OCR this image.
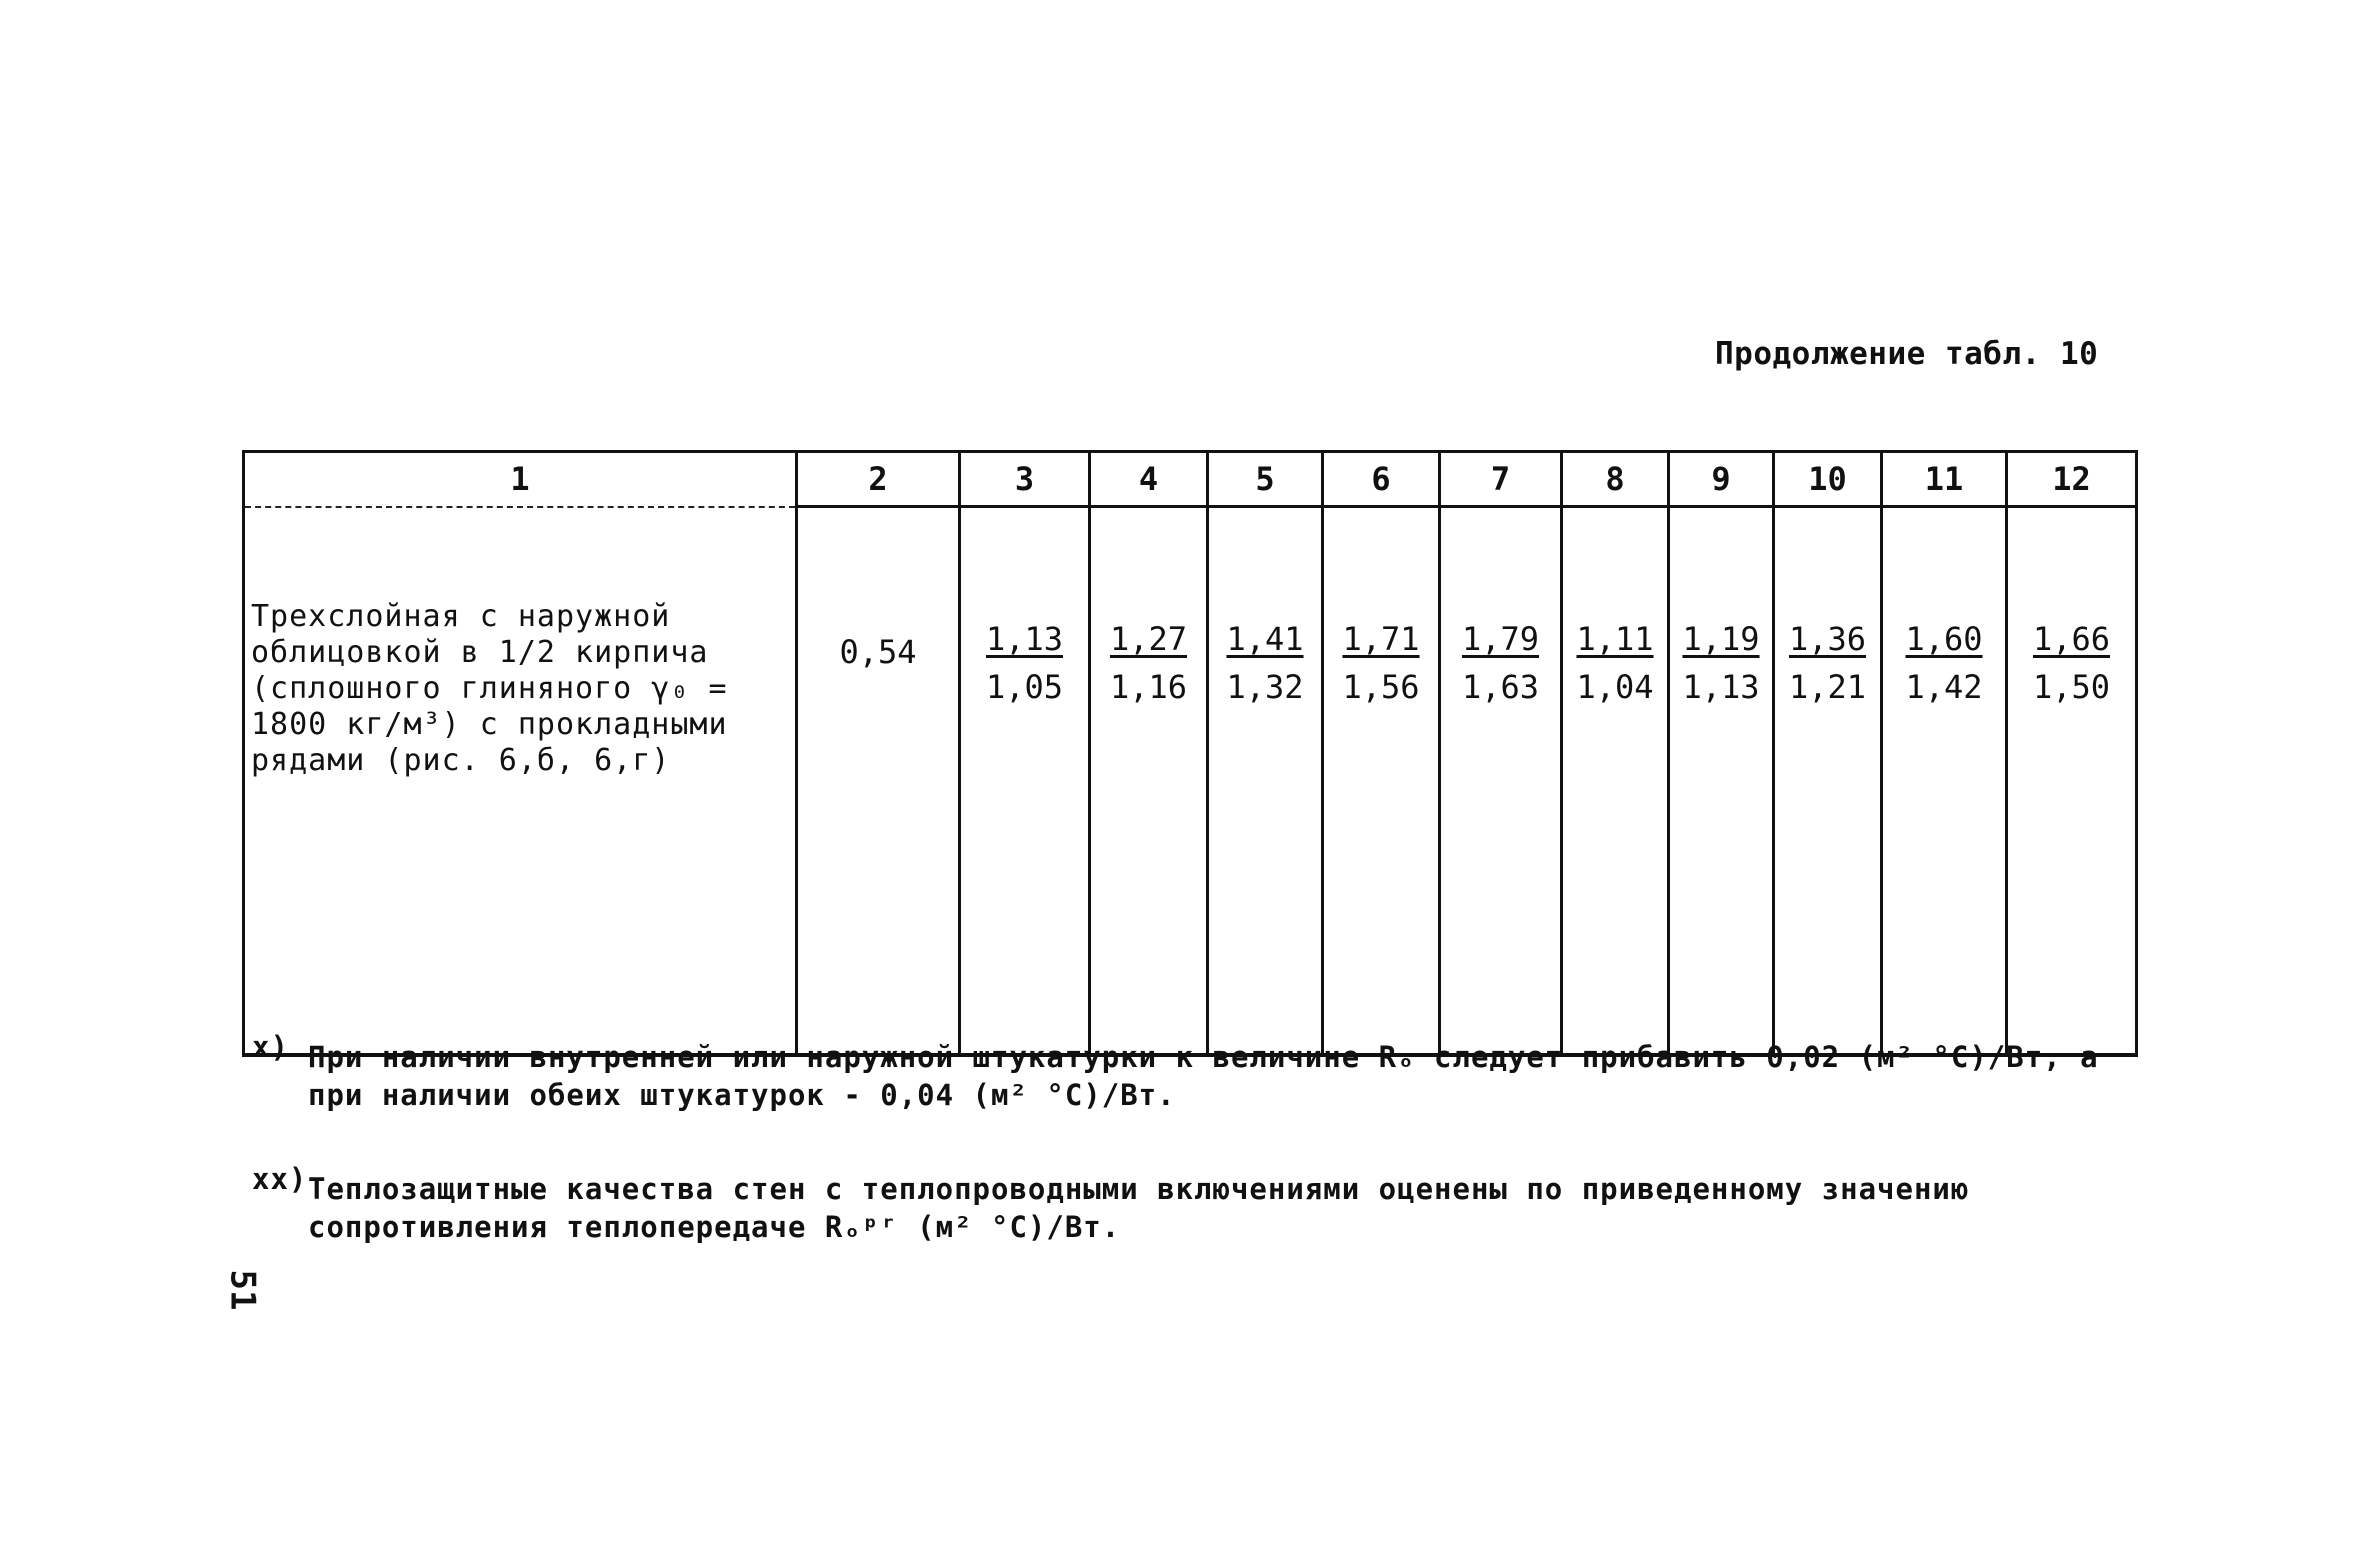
Продолжение табл. 10
1	2	3	4	5	6	7	8	9	10	11	12
Трехслойная с наружной облицовкой в 1/2 кирпича (сплошного глиняного γ₀ = 1800 кг/м³) с прокладными рядами (рис. 6,б, 6,г)	0,54	$\frac{1,13}{1,05}$	$\frac{1,27}{1,16}$	$\frac{1,41}{1,32}$	$\frac{1,71}{1,56}$	$\frac{1,79}{1,63}$	$\frac{1,11}{1,04}$	$\frac{1,19}{1,13}$	$\frac{1,36}{1,21}$	$\frac{1,60}{1,42}$	$\frac{1,66}{1,50}$
х) При наличии внутренней или наружной штукатурки к величине Rₒ следует прибавить 0,02 (м² °С)/Вт, а при наличии обеих штукатурок - 0,04 (м² °С)/Вт.
хх) Теплозащитные качества стен с теплопроводными включениями оценены по приведенному значению сопротивления теплопередаче Rₒᵖʳ (м² °С)/Вт.
51
